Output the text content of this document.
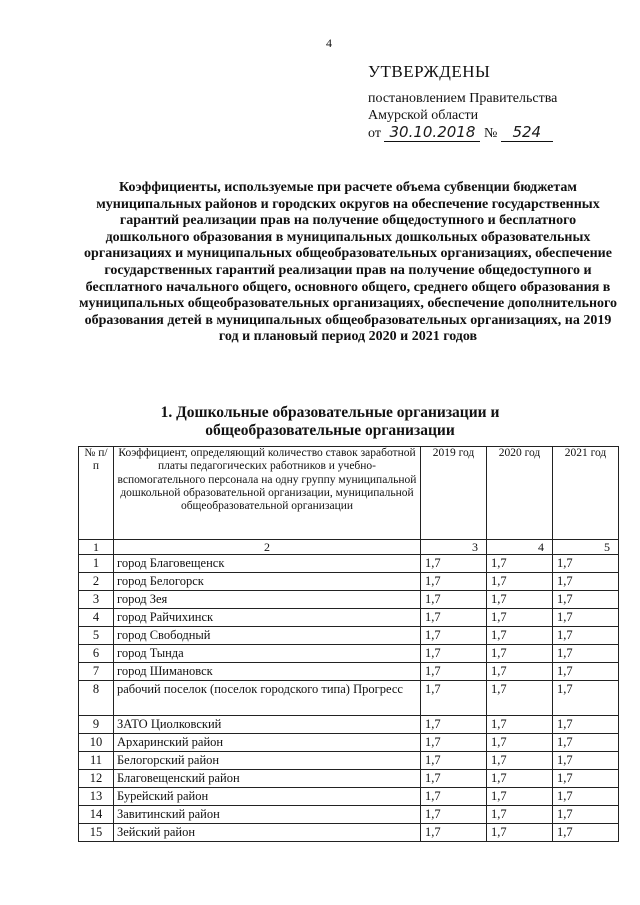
4

УТВЕРЖДЕНЫ

постановлением Правительства
Амурской области
от 30.10.2018 № 524

Коэффициенты, используемые при расчете объема субвенции бюджетам муниципальных районов и городских округов на обеспечение государственных гарантий реализации прав на получение общедоступного и бесплатного дошкольного образования в муниципальных дошкольных образовательных организациях и муниципальных общеобразовательных организациях, обеспечение государственных гарантий реализации прав на получение общедоступного и бесплатного начального общего, основного общего, среднего общего образования в муниципальных общеобразовательных организациях, обеспечение дополнительного образования детей в муниципальных общеобразовательных организациях, на 2019 год и плановый период 2020 и 2021 годов

1. Дошкольные образовательные организации и общеобразовательные организации

№ п/п	Коэффициент, определяющий количество ставок заработной платы педагогических работников и учебно-вспомогательного персонала на одну группу муниципальной дошкольной образовательной организации, муниципальной общеобразовательной организации	2019 год	2020 год	2021 год
1	2	3	4	5
1	город Благовещенск	1,7	1,7	1,7
2	город Белогорск	1,7	1,7	1,7
3	город Зея	1,7	1,7	1,7
4	город Райчихинск	1,7	1,7	1,7
5	город Свободный	1,7	1,7	1,7
6	город Тында	1,7	1,7	1,7
7	город Шимановск	1,7	1,7	1,7
8	рабочий поселок (поселок городского типа) Прогресс	1,7	1,7	1,7
9	ЗАТО Циолковский	1,7	1,7	1,7
10	Архаринский район	1,7	1,7	1,7
11	Белогорский район	1,7	1,7	1,7
12	Благовещенский район	1,7	1,7	1,7
13	Бурейский район	1,7	1,7	1,7
14	Завитинский район	1,7	1,7	1,7
15	Зейский район	1,7	1,7	1,7
